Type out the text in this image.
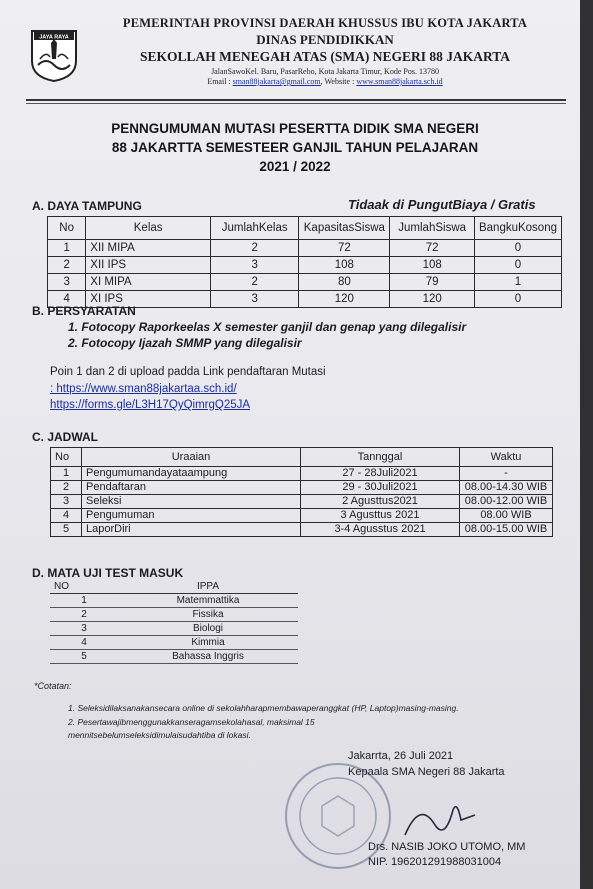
JAYA RAYA
PEMERINTAH PROVINSI DAERAH KHUSSUS IBU KOTA JAKARTA
DINAS PENDIDIKKAN
SEKOLLAH MENEGAH ATAS (SMA) NEGERI 88 JAKARTA
JalanSawoKel. Baru, PasarRebo, Kota Jakarta Timur, Kode Pos. 13780
Email : sman88jakarta@gmail.com, Website : www.sman88jakarta.sch.id
PENNGUMUMAN MUTASI PESERTTA DIDIK SMA NEGERI
88 JAKARTTA SEMESTEER GANJIL TAHUN PELAJARAN
2021 / 2022
A. DAYA TAMPUNG	Tidaak di PungutBiaya / Gratis
No	Kelas	JumlahKelas	KapasitasSiswa	JumlahSiswa	BangkuKosong
1	XII MIPA	2	72	72	0
2	XII IPS	3	108	108	0
3	XI MIPA	2	80	79	1
4	XI IPS	3	120	120	0
B. PERSYARATAN
1. Fotocopy Raporkeelas X semester ganjil dan genap yang dilegalisir
2. Fotocopy Ijazah SMMP yang dilegalisir
Poin 1 dan 2 di upload padda Link pendaftaran Mutasi
: https://www.sman88jakartaa.sch.id/
https://forms.gle/L3H17QyQimrgQ25JA
C. JADWAL
No	Uraaian	Tannggal	Waktu
1	Pengumumandayataampung	27 - 28Juli2021	-
2	Pendaftaran	29 - 30Juli2021	08.00-14.30 WIB
3	Seleksi	2 Agusttus2021	08.00-12.00 WIB
4	Pengumuman	3 Agusttus 2021	08.00 WIB
5	LaporDiri	3-4 Agusstus 2021	08.00-15.00 WIB
D. MATA UJI TEST MASUK
NO	IPPA
1	Matemmattika
2	Fissika
3	Biologi
4	Kimmia
5	Bahassa Inggris
*Cotatan:
1. Seleksidilaksanakansecara online di sekolahharapmembawaperanggkat (HP, Laptop)masing-masing.
2. Pesertawajibmenggunakkanseragamsekolahasal, maksimal 15
mennitsebelumseleksidimulaisudahtiba di lokasi.
Jakarrta, 26 Juli 2021
Kepaala SMA Negeri 88 Jakarta
Drs. NASIB JOKO UTOMO, MM
NIP. 196201291988031004
